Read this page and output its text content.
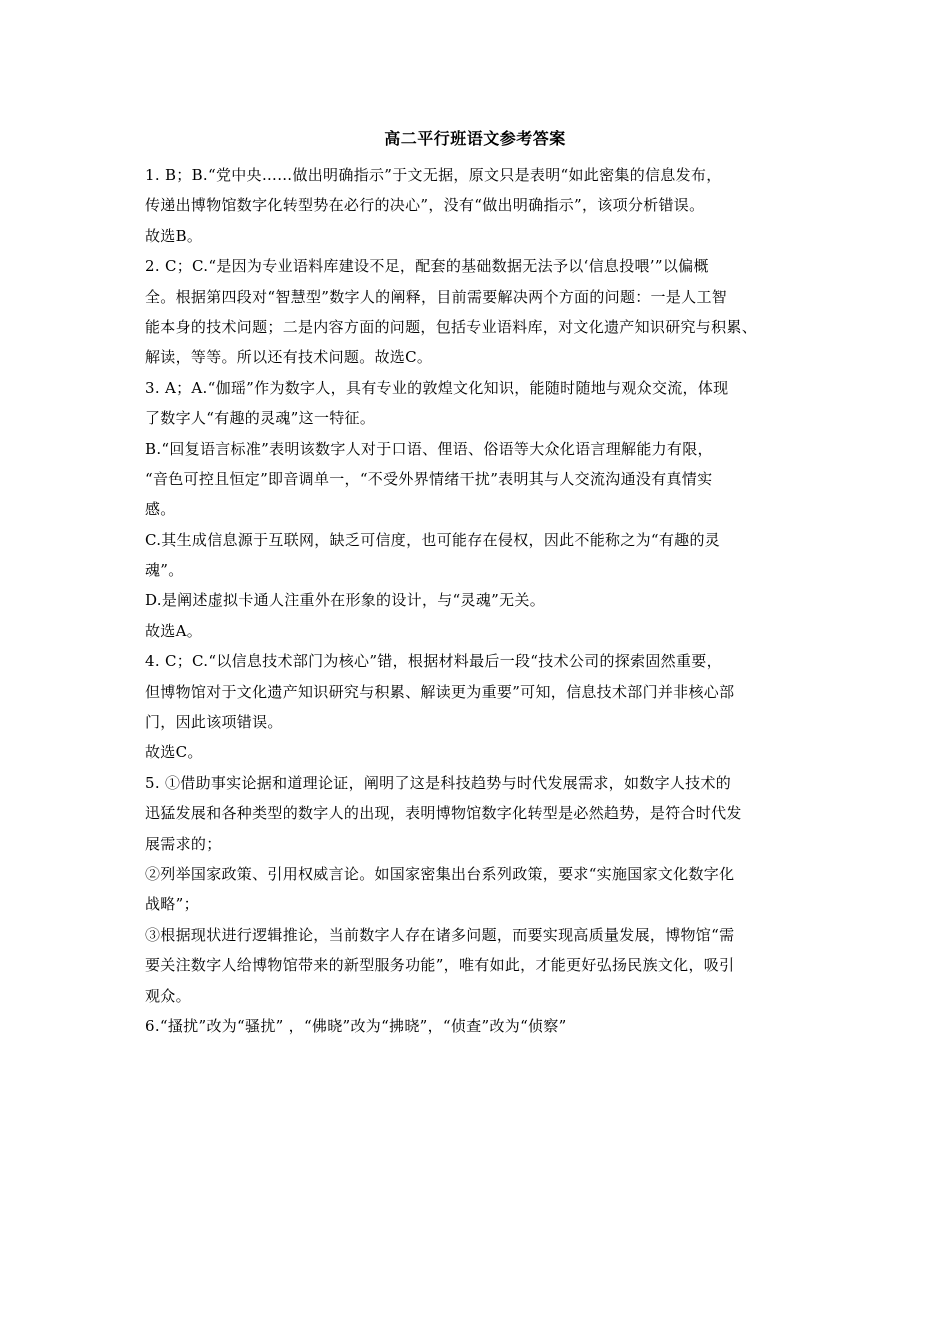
高二平行班语文参考答案
1. B；B.“党中央……做出明确指示”于文无据，原文只是表明“如此密集的信息发布，
传递出博物馆数字化转型势在必行的决心”，没有“做出明确指示”，该项分析错误。
故选B。
2. C；C.“是因为专业语料库建设不足，配套的基础数据无法予以‘信息投喂’”以偏概
全。根据第四段对“智慧型”数字人的阐释，目前需要解决两个方面的问题：一是人工智
能本身的技术问题；二是内容方面的问题，包括专业语料库，对文化遗产知识研究与积累、
解读，等等。所以还有技术问题。故选C。
3. A；A.“伽瑶”作为数字人，具有专业的敦煌文化知识，能随时随地与观众交流，体现
了数字人“有趣的灵魂”这一特征。
B.“回复语言标准”表明该数字人对于口语、俚语、俗语等大众化语言理解能力有限，
“音色可控且恒定”即音调单一，“不受外界情绪干扰”表明其与人交流沟通没有真情实
感。
C.其生成信息源于互联网，缺乏可信度，也可能存在侵权，因此不能称之为“有趣的灵
魂”。
D.是阐述虚拟卡通人注重外在形象的设计，与“灵魂”无关。
故选A。
4. C；C.“以信息技术部门为核心”错，根据材料最后一段“技术公司的探索固然重要，
但博物馆对于文化遗产知识研究与积累、解读更为重要”可知，信息技术部门并非核心部
门，因此该项错误。
故选C。
5. ①借助事实论据和道理论证，阐明了这是科技趋势与时代发展需求，如数字人技术的
迅猛发展和各种类型的数字人的出现，表明博物馆数字化转型是必然趋势，是符合时代发
展需求的；
②列举国家政策、引用权威言论。如国家密集出台系列政策，要求“实施国家文化数字化
战略”；
③根据现状进行逻辑推论，当前数字人存在诸多问题，而要实现高质量发展，博物馆“需
要关注数字人给博物馆带来的新型服务功能”，唯有如此，才能更好弘扬民族文化，吸引
观众。
6.“搔扰”改为“骚扰” ，“佛晓”改为“拂晓”，“侦查”改为“侦察”
